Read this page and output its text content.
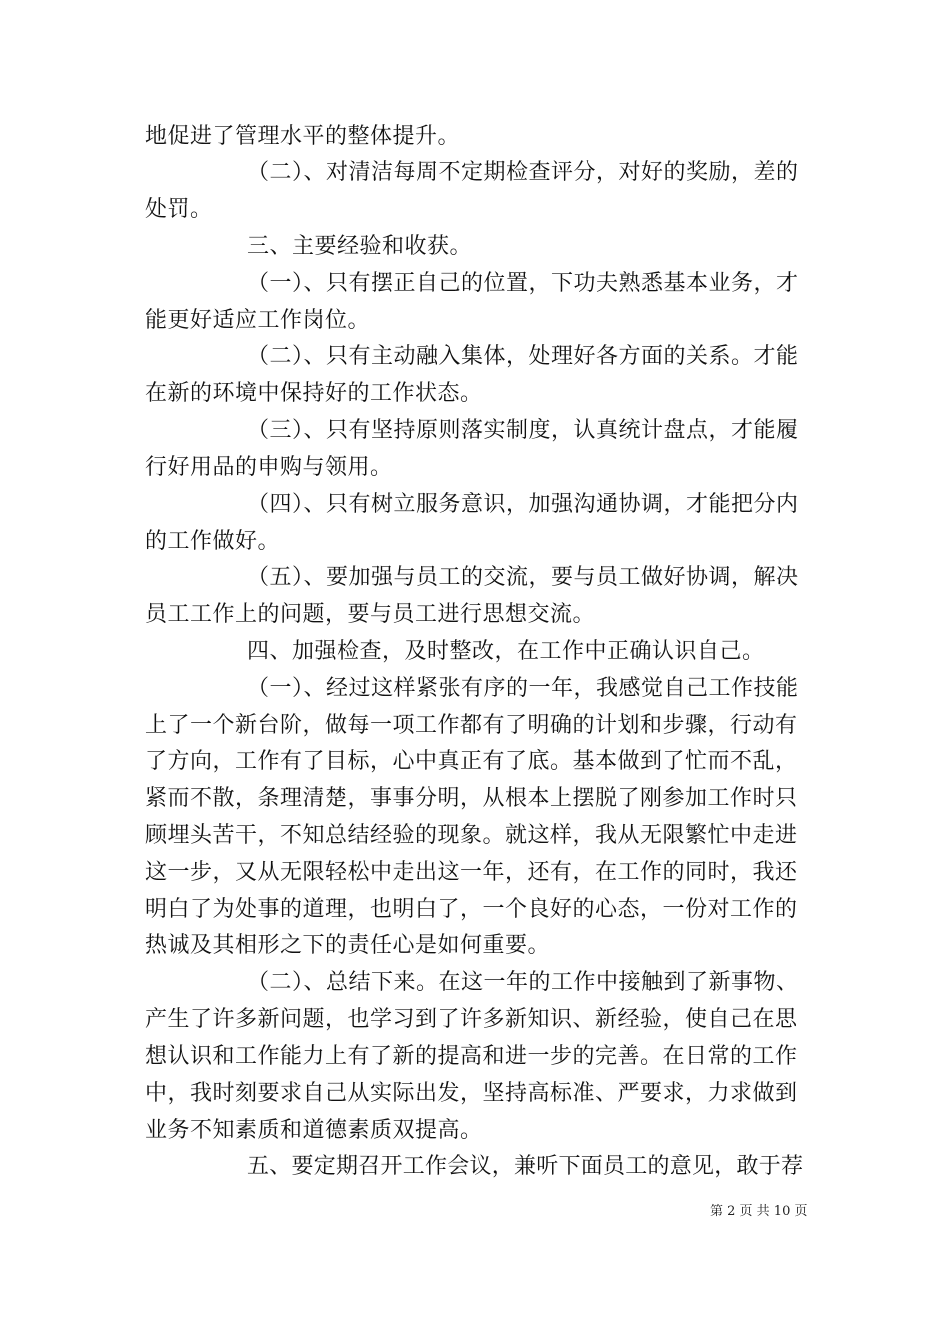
地促进了管理水平的整体提升。
（二）、对清洁每周不定期检查评分，对好的奖励，差的
处罚。
三、主要经验和收获。
（一）、只有摆正自己的位置，下功夫熟悉基本业务，才
能更好适应工作岗位。
（二）、只有主动融入集体，处理好各方面的关系。才能
在新的环境中保持好的工作状态。
（三）、只有坚持原则落实制度，认真统计盘点，才能履
行好用品的申购与领用。
（四）、只有树立服务意识，加强沟通协调，才能把分内
的工作做好。
（五）、要加强与员工的交流，要与员工做好协调，解决
员工工作上的问题，要与员工进行思想交流。
四、加强检查，及时整改，在工作中正确认识自己。
（一）、经过这样紧张有序的一年，我感觉自己工作技能
上了一个新台阶，做每一项工作都有了明确的计划和步骤，行动有
了方向，工作有了目标，心中真正有了底。基本做到了忙而不乱，
紧而不散，条理清楚，事事分明，从根本上摆脱了刚参加工作时只
顾埋头苦干，不知总结经验的现象。就这样，我从无限繁忙中走进
这一步，又从无限轻松中走出这一年，还有，在工作的同时，我还
明白了为处事的道理，也明白了，一个良好的心态，一份对工作的
热诚及其相形之下的责任心是如何重要。
（二）、总结下来。在这一年的工作中接触到了新事物、
产生了许多新问题，也学习到了许多新知识、新经验，使自己在思
想认识和工作能力上有了新的提高和进一步的完善。在日常的工作
中，我时刻要求自己从实际出发，坚持高标准、严要求，力求做到
业务不知素质和道德素质双提高。
五、要定期召开工作会议，兼听下面员工的意见，敢于荐
第 2 页 共 10 页
